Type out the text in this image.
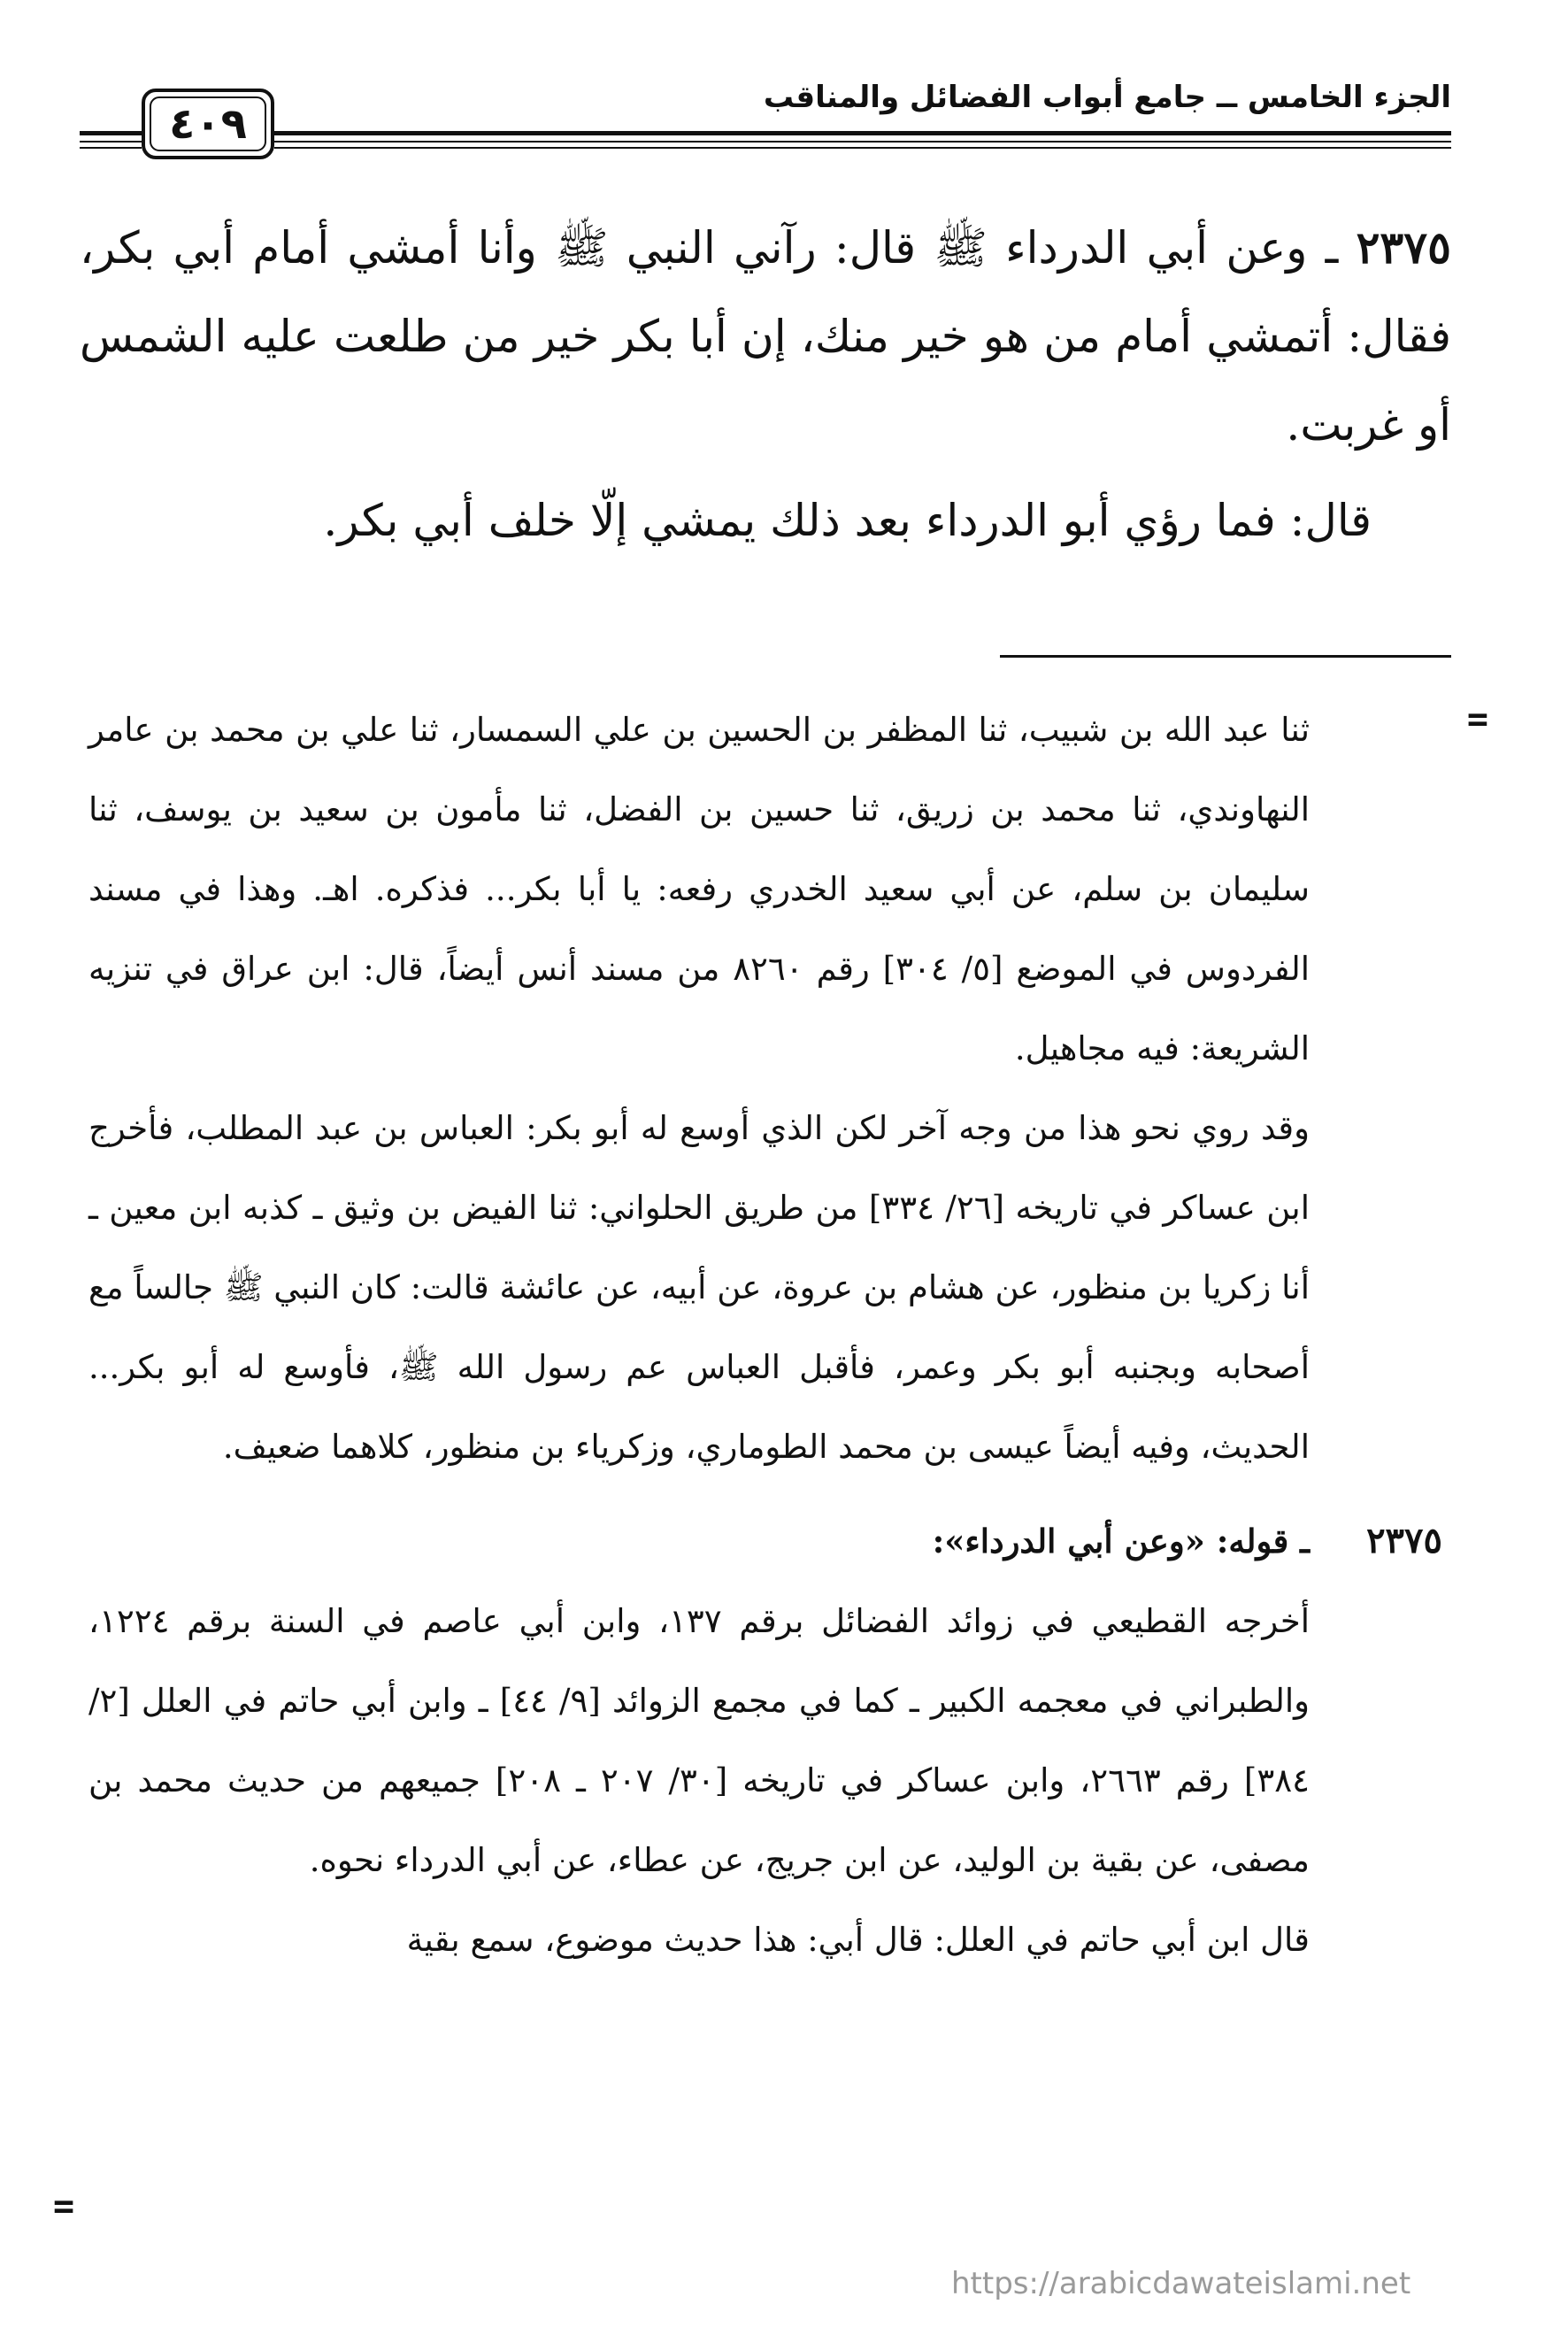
الجزء الخامس ــ جامع أبواب الفضائل والمناقب
٤٠٩

٢٣٧٥ ـ وعن أبي الدرداء ﷺ قال: رآني النبي ﷺ وأنا أمشي أمام أبي بكر، فقال: أتمشي أمام من هو خير منك، إن أبا بكر خير من طلعت عليه الشمس أو غربت.

قال: فما رؤي أبو الدرداء بعد ذلك يمشي إلّا خلف أبي بكر.

=

ثنا عبد الله بن شبيب، ثنا المظفر بن الحسين بن علي السمسار، ثنا علي بن محمد بن عامر النهاوندي، ثنا محمد بن زريق، ثنا حسين بن الفضل، ثنا مأمون بن سعيد بن يوسف، ثنا سليمان بن سلم، عن أبي سعيد الخدري رفعه: يا أبا بكر... فذكره. اهـ. وهذا في مسند الفردوس في الموضع [٥/ ٣٠٤] رقم ٨٢٦٠ من مسند أنس أيضاً، قال: ابن عراق في تنزيه الشريعة: فيه مجاهيل.

وقد روي نحو هذا من وجه آخر لكن الذي أوسع له أبو بكر: العباس بن عبد المطلب، فأخرج ابن عساكر في تاريخه [٢٦/ ٣٣٤] من طريق الحلواني: ثنا الفيض بن وثيق ـ كذبه ابن معين ـ أنا زكريا بن منظور، عن هشام بن عروة، عن أبيه، عن عائشة قالت: كان النبي ﷺ جالساً مع أصحابه وبجنبه أبو بكر وعمر، فأقبل العباس عم رسول الله ﷺ، فأوسع له أبو بكر... الحديث، وفيه أيضاً عيسى بن محمد الطوماري، وزكرياء بن منظور، كلاهما ضعيف.

٢٣٧٥
ـ قوله: «وعن أبي الدرداء»:

أخرجه القطيعي في زوائد الفضائل برقم ١٣٧، وابن أبي عاصم في السنة برقم ١٢٢٤، والطبراني في معجمه الكبير ـ كما في مجمع الزوائد [٩/ ٤٤] ـ وابن أبي حاتم في العلل [٢/ ٣٨٤] رقم ٢٦٦٣، وابن عساكر في تاريخه [٣٠/ ٢٠٧ ـ ٢٠٨] جميعهم من حديث محمد بن مصفى، عن بقية بن الوليد، عن ابن جريج، عن عطاء، عن أبي الدرداء نحوه.

قال ابن أبي حاتم في العلل: قال أبي: هذا حديث موضوع، سمع بقية

=
https://arabicdawateislami.net
